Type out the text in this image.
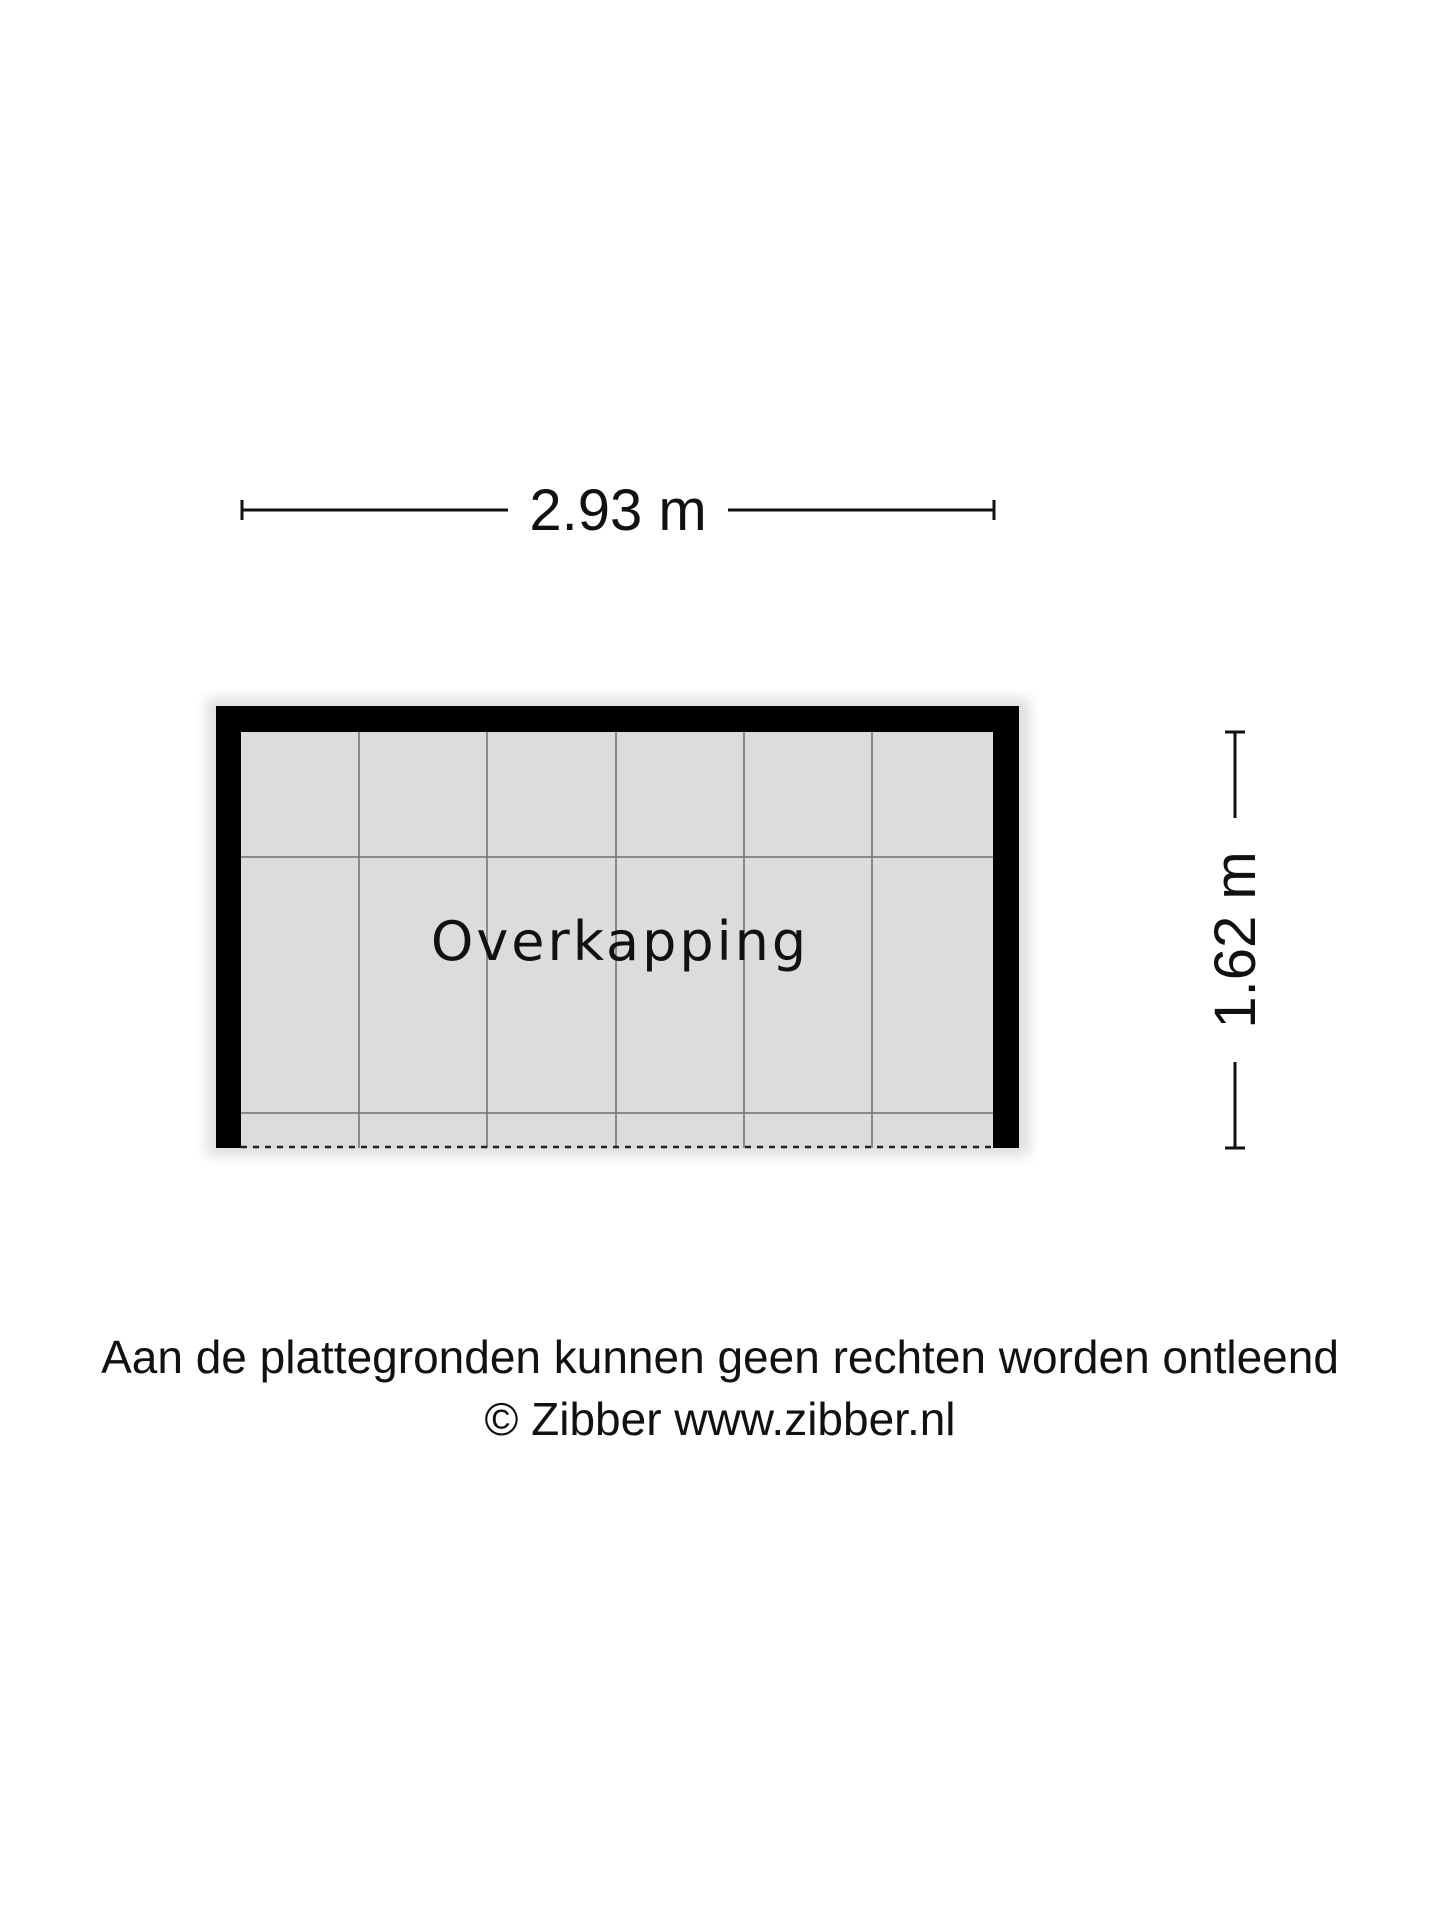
2.93 m
1.62 m
Overkapping
Aan de plattegronden kunnen geen rechten worden ontleend
© Zibber www.zibber.nl
